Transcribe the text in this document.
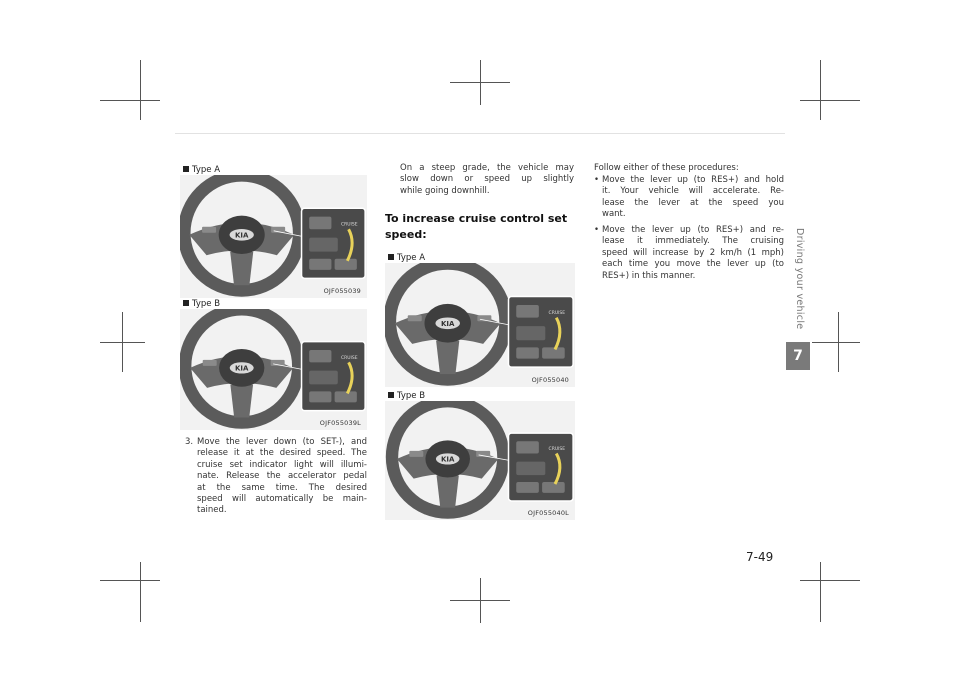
Type A
KIA
CRUISE
OJF055039
Type B
KIA
CRUISE
OJF055039L
3. Move the lever down (to SET-), and
release it at the desired speed. The
cruise set indicator light will illumi-
nate. Release the accelerator pedal
at the same time. The desired
speed will automatically be main-
tained.
On a steep grade, the vehicle may
slow down or speed up slightly
while going downhill.
To increase cruise control set
speed:
Type A
KIA
CRUISE
OJF055040
Type B
KIA
CRUISE
OJF055040L
Follow either of these procedures:
• Move the lever up (to RES+) and hold
it. Your vehicle will accelerate. Re-
lease the lever at the speed you
want.
• Move the lever up (to RES+) and re-
lease it immediately. The cruising
speed will increase by 2 km/h (1 mph)
each time you move the lever up (to
RES+) in this manner.	Driving your vehicle
7
7-49
